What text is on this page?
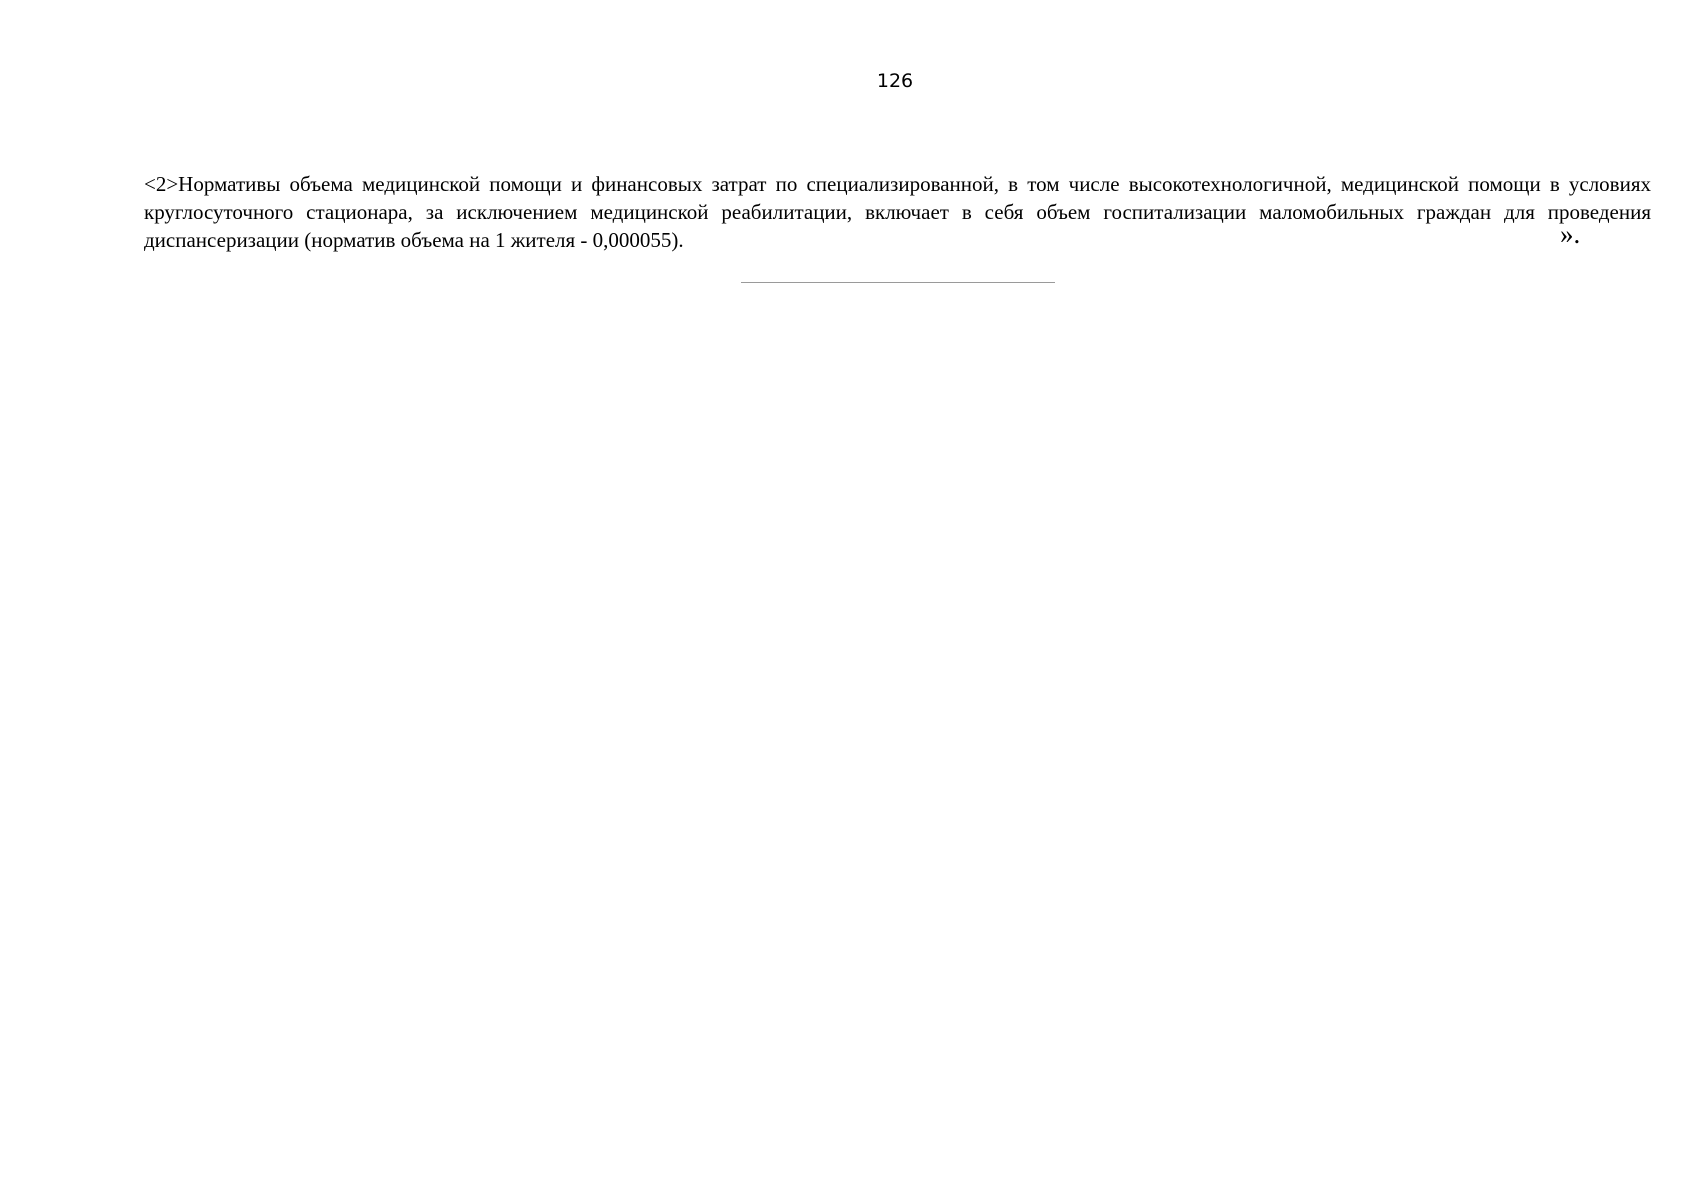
126

<2>Нормативы объема медицинской помощи и финансовых затрат по специализированной, в том числе высокотехнологичной, медицинской помощи в условиях круглосуточного стационара, за исключением медицинской реабилитации, включает в себя объем госпитализации маломобильных граждан для проведения диспансеризации (норматив объема на 1 жителя - 0,000055).	».
